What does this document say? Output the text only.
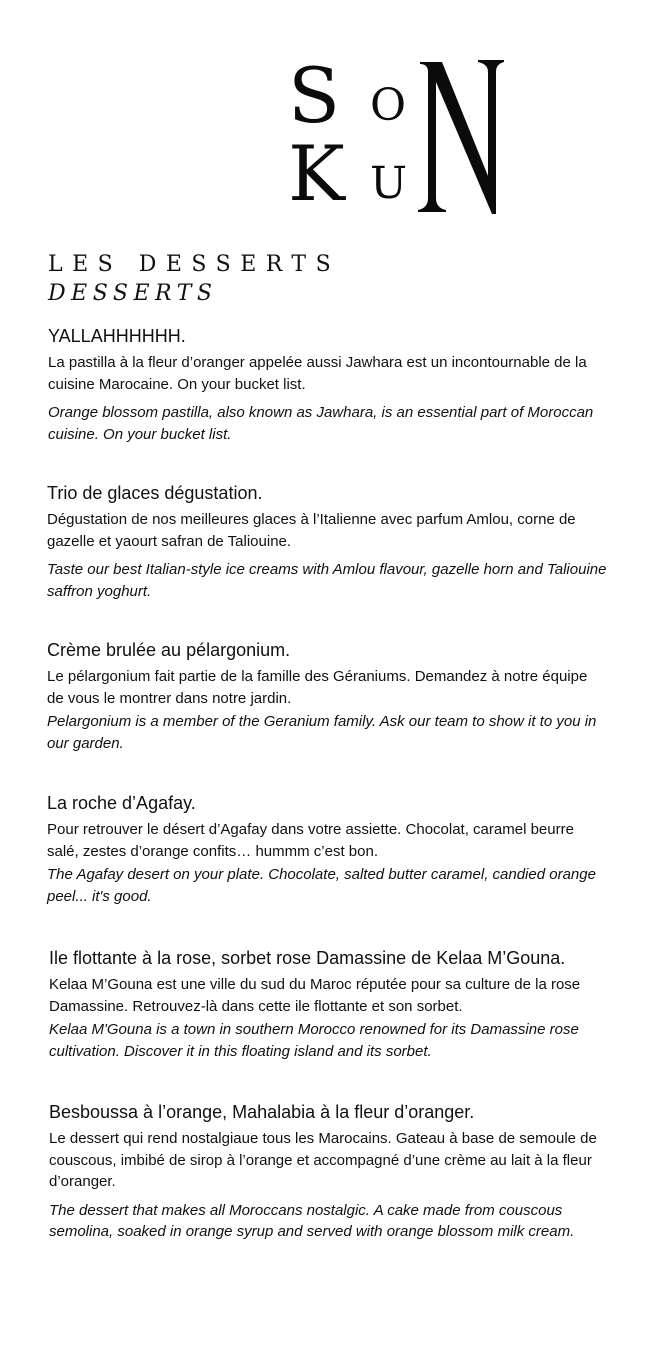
S O
K U
LES DESSERTS
DESSERTS
YALLAHHHHHH.

La pastilla à la fleur d’oranger appelée aussi Jawhara est un incontournable de la cuisine Marocaine. On your bucket list.

Orange blossom pastilla, also known as Jawhara, is an essential part of Moroccan cuisine. On your bucket list.

Trio de glaces dégustation.

Dégustation de nos meilleures glaces à l’Italienne avec parfum Amlou, corne de gazelle et yaourt safran de Taliouine.

Taste our best Italian-style ice creams with Amlou flavour, gazelle horn and Taliouine saffron yoghurt.

Crème brulée au pélargonium.

Le pélargonium fait partie de la famille des Géraniums. Demandez à notre équipe de vous le montrer dans notre jardin.

Pelargonium is a member of the Geranium family. Ask our team to show it to you in our garden.

La roche d’Agafay.

Pour retrouver le désert d’Agafay dans votre assiette. Chocolat, caramel beurre salé, zestes d’orange confits… hummm c’est bon.

The Agafay desert on your plate. Chocolate, salted butter caramel, candied orange peel... it's good.

Ile flottante à la rose, sorbet rose Damassine de Kelaa M’Gouna.

Kelaa M’Gouna est une ville du sud du Maroc réputée pour sa culture de la rose Damassine. Retrouvez-là dans cette ile flottante et son sorbet.

Kelaa M'Gouna is a town in southern Morocco renowned for its Damassine rose cultivation. Discover it in this floating island and its sorbet.

Besboussa à l’orange, Mahalabia à la fleur d’oranger.

Le dessert qui rend nostalgiaue tous les Marocains. Gateau à base de semoule de couscous, imbibé de sirop à l’orange et accompagné d’une crème au lait à la fleur d’oranger.

The dessert that makes all Moroccans nostalgic. A cake made from couscous semolina, soaked in orange syrup and served with orange blossom milk cream.
